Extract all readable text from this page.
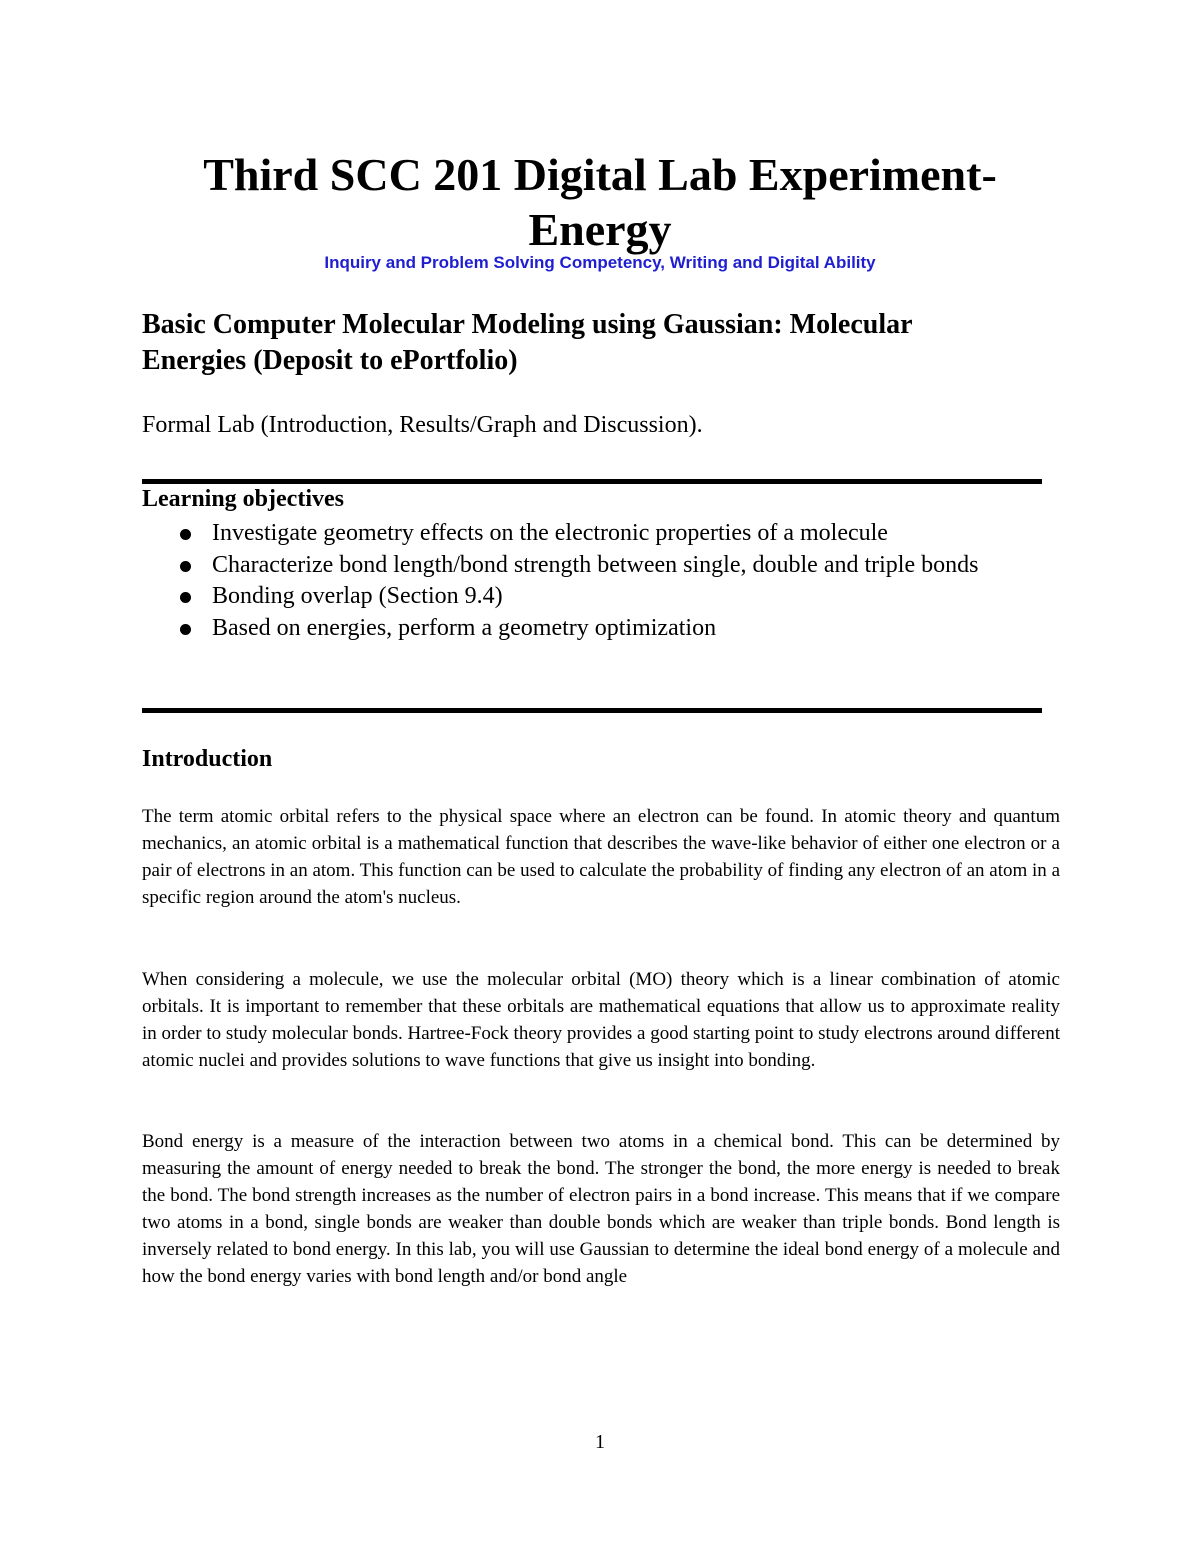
Third SCC 201 Digital Lab Experiment-
Energy
Inquiry and Problem Solving Competency, Writing and Digital Ability
Basic Computer Molecular Modeling using Gaussian: Molecular
Energies (Deposit to ePortfolio)
Formal Lab (Introduction, Results/Graph and Discussion).
Learning objectives
Investigate geometry effects on the electronic properties of a molecule
Characterize bond length/bond strength between single, double and triple bonds
Bonding overlap (Section 9.4)
Based on energies, perform a geometry optimization
Introduction

The term atomic orbital refers to the physical space where an electron can be found. In atomic theory and quantum mechanics, an atomic orbital is a mathematical function that describes the wave-like behavior of either one electron or a pair of electrons in an atom. This function can be used to calculate the probability of finding any electron of an atom in a specific region around the atom's nucleus.

When considering a molecule, we use the molecular orbital (MO) theory which is a linear combination of atomic orbitals. It is important to remember that these orbitals are mathematical equations that allow us to approximate reality in order to study molecular bonds. Hartree-Fock theory provides a good starting point to study electrons around different atomic nuclei and provides solutions to wave functions that give us insight into bonding.

Bond energy is a measure of the interaction between two atoms in a chemical bond. This can be determined by measuring the amount of energy needed to break the bond. The stronger the bond, the more energy is needed to break the bond. The bond strength increases as the number of electron pairs in a bond increase. This means that if we compare two atoms in a bond, single bonds are weaker than double bonds which are weaker than triple bonds. Bond length is inversely related to bond energy. In this lab, you will use Gaussian to determine the ideal bond energy of a molecule and how the bond energy varies with bond length and/or bond angle

1
